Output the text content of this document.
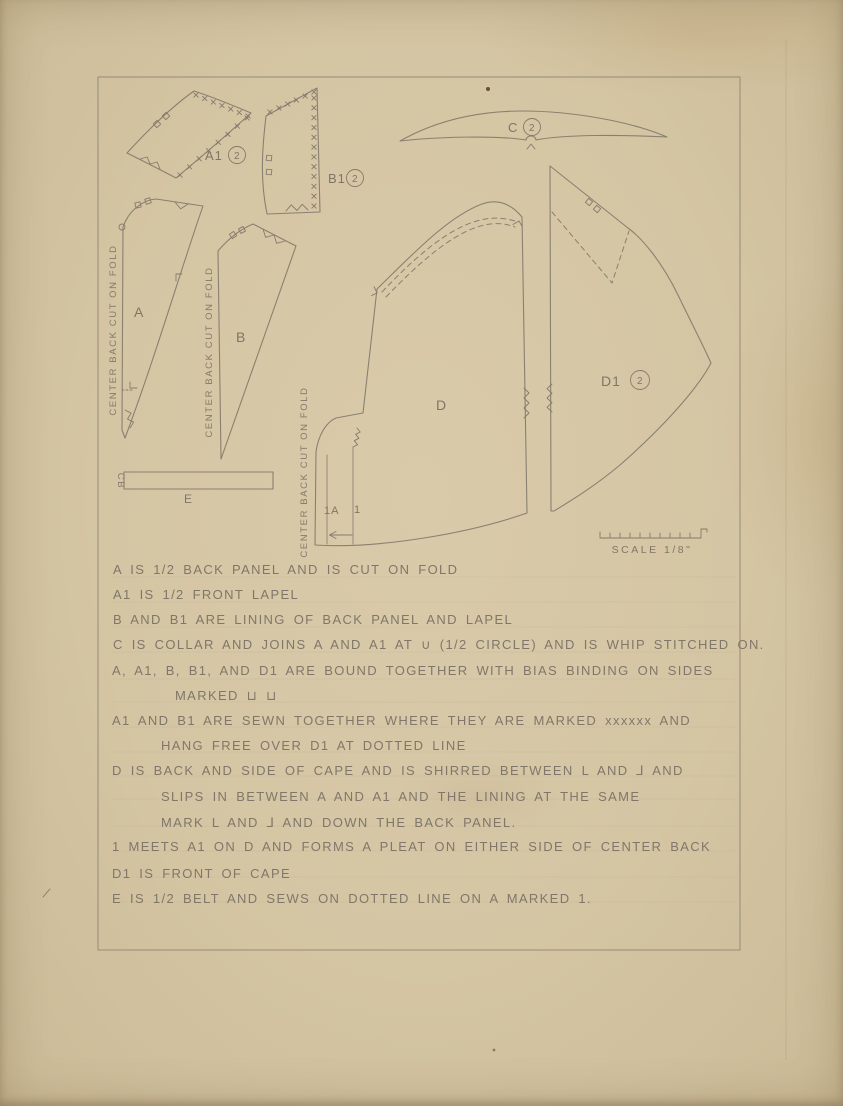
A1 2
B1 2
C 2
A
B
D
E
D1 2
1A 1
CENTER BACK CUT ON FOLD	CENTER BACK CUT ON FOLD
CENTER BACK CUT ON FOLD
CB
SCALE 1/8"
A IS 1/2 BACK PANEL AND IS CUT ON FOLD
A1 IS 1/2 FRONT LAPEL
B AND B1 ARE LINING OF BACK PANEL AND LAPEL
C IS COLLAR AND JOINS A AND A1 AT ∪ (1/2 CIRCLE) AND IS WHIP STITCHED ON.
A, A1, B, B1, AND D1 ARE BOUND TOGETHER WITH BIAS BINDING ON SIDES
MARKED ⊔ ⊔
A1 AND B1 ARE SEWN TOGETHER WHERE THEY ARE MARKED xxxxxx AND
HANG FREE OVER D1 AT DOTTED LINE
D IS BACK AND SIDE OF CAPE AND IS SHIRRED BETWEEN L AND ⅃ AND
SLIPS IN BETWEEN A AND A1 AND THE LINING AT THE SAME
MARK L AND ⅃ AND DOWN THE BACK PANEL.
1 MEETS A1 ON D AND FORMS A PLEAT ON EITHER SIDE OF CENTER BACK
D1 IS FRONT OF CAPE
E IS 1/2 BELT AND SEWS ON DOTTED LINE ON A MARKED 1.
